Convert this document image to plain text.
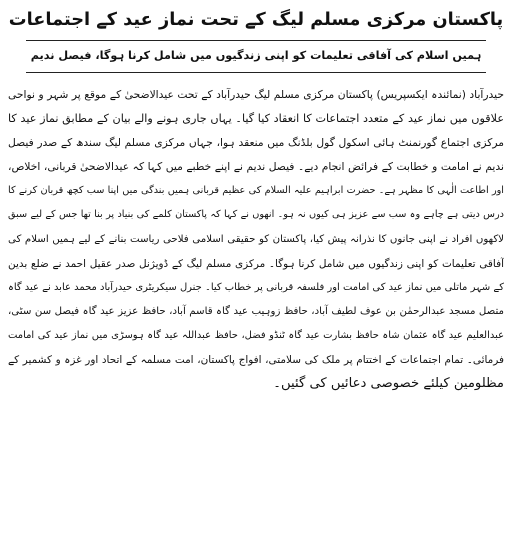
پاکستان مرکزی مسلم لیگ کے تحت نماز عید کے اجتماعات
ہمیں اسلام کی آفاقی تعلیمات کو اپنی زندگیوں میں شامل کرنا ہوگا، فیصل ندیم
حیدرآباد (نمائندہ ایکسپریس) پاکستان مرکزی مسلم لیگ حیدرآباد کے تحت عیدالاضحیٰ کے موقع پر شہر و نواحی
علاقوں میں نماز عید کے متعدد اجتماعات کا انعقاد کیا گیا۔ یہاں جاری ہونے والے بیان کے مطابق نماز عید کا
مرکزی اجتماع گورنمنٹ ہائی اسکول گول بلڈنگ میں منعقد ہوا، جہاں مرکزی مسلم لیگ سندھ کے صدر فیصل
ندیم نے امامت و خطابت کے فرائض انجام دیے۔ فیصل ندیم نے اپنے خطبے میں کہا کہ عیدالاضحیٰ قربانی، اخلاص،
اور اطاعت الٰہی کا مظہر ہے۔ حضرت ابراہیم علیہ السلام کی عظیم قربانی ہمیں بندگی میں اپنا سب کچھ قربان کرنے کا
درس دیتی ہے چاہے وہ سب سے عزیز ہی کیوں نہ ہو۔ انھوں نے کہا کہ پاکستان کلمے کی بنیاد پر بنا تھا جس کے لیے سبق
لاکھوں افراد نے اپنی جانوں کا نذرانہ پیش کیا، پاکستان کو حقیقی اسلامی فلاحی ریاست بنانے کے لیے ہمیں اسلام کی
آفاقی تعلیمات کو اپنی زندگیوں میں شامل کرنا ہوگا۔ مرکزی مسلم لیگ کے ڈویژنل صدر عقیل احمد نے ضلع بدین
کے شہر ماتلی میں نماز عید کی امامت اور فلسفہ قربانی پر خطاب کیا۔ جنرل سیکریٹری حیدرآباد محمد عابد نے عید گاہ
متصل مسجد عبدالرحمٰن بن عوف لطیف آباد، حافظ زوہیب عید گاہ قاسم آباد، حافظ عزیز عید گاہ فیصل سن سٹی،
عبدالعلیم عید گاہ عثمان شاہ حافظ بشارت عید گاہ ٹنڈو فضل، حافظ عبداللہ عید گاہ ہوسڑی میں نماز عید کی امامت
فرمائی۔ تمام اجتماعات کے اختتام پر ملک کی سلامتی، افواج پاکستان، امت مسلمہ کے اتحاد اور غزہ و کشمیر کے
مظلومین کیلئے خصوصی دعائیں کی گئیں۔
